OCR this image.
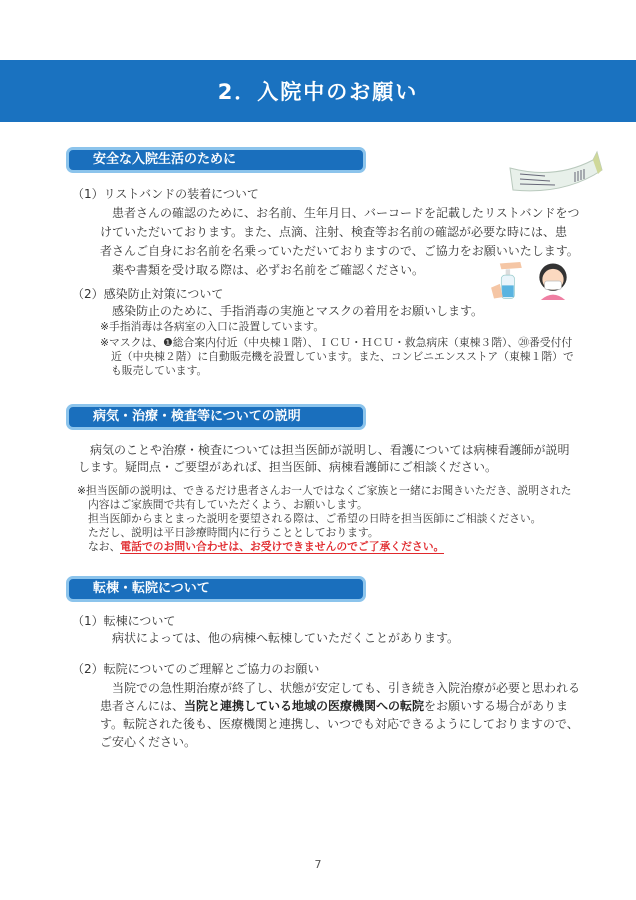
2．入院中のお願い
安全な入院生活のために
（1）リストバンドの装着について
　患者さんの確認のために、お名前、生年月日、バーコードを記載したリストバンドをつ
けていただいております。また、点滴、注射、検査等お名前の確認が必要な時には、患
者さんご自身にお名前を名乗っていただいておりますので、ご協力をお願いいたします。
　薬や書類を受け取る際は、必ずお名前をご確認ください。
（2）感染防止対策について
感染防止のために、手指消毒の実施とマスクの着用をお願いします。
※手指消毒は各病室の入口に設置しています。
※マスクは、❶総合案内付近（中央棟１階）、ＩＣＵ・ＨＣＵ・救急病床（東棟３階）、⑳番受付付
近（中央棟２階）に自動販売機を設置しています。また、コンビニエンスストア（東棟１階）で
も販売しています。
病気・治療・検査等についての説明
　病気のことや治療・検査については担当医師が説明し、看護については病棟看護師が説明
します。疑問点・ご要望があれば、担当医師、病棟看護師にご相談ください。
※担当医師の説明は、できるだけ患者さんお一人ではなくご家族と一緒にお聞きいただき、説明された
内容はご家族間で共有していただくよう、お願いします。
担当医師からまとまった説明を要望される際は、ご希望の日時を担当医師にご相談ください。
ただし、説明は平日診療時間内に行うこととしております。
なお、電話でのお問い合わせは、お受けできませんのでご了承ください。
転棟・転院について
（1）転棟について
病状によっては、他の病棟へ転棟していただくことがあります。
（2）転院についてのご理解とご協力のお願い
　当院での急性期治療が終了し、状態が安定しても、引き続き入院治療が必要と思われる
患者さんには、当院と連携している地域の医療機関への転院をお願いする場合がありま
す。転院された後も、医療機関と連携し、いつでも対応できるようにしておりますので、
ご安心ください。
7
